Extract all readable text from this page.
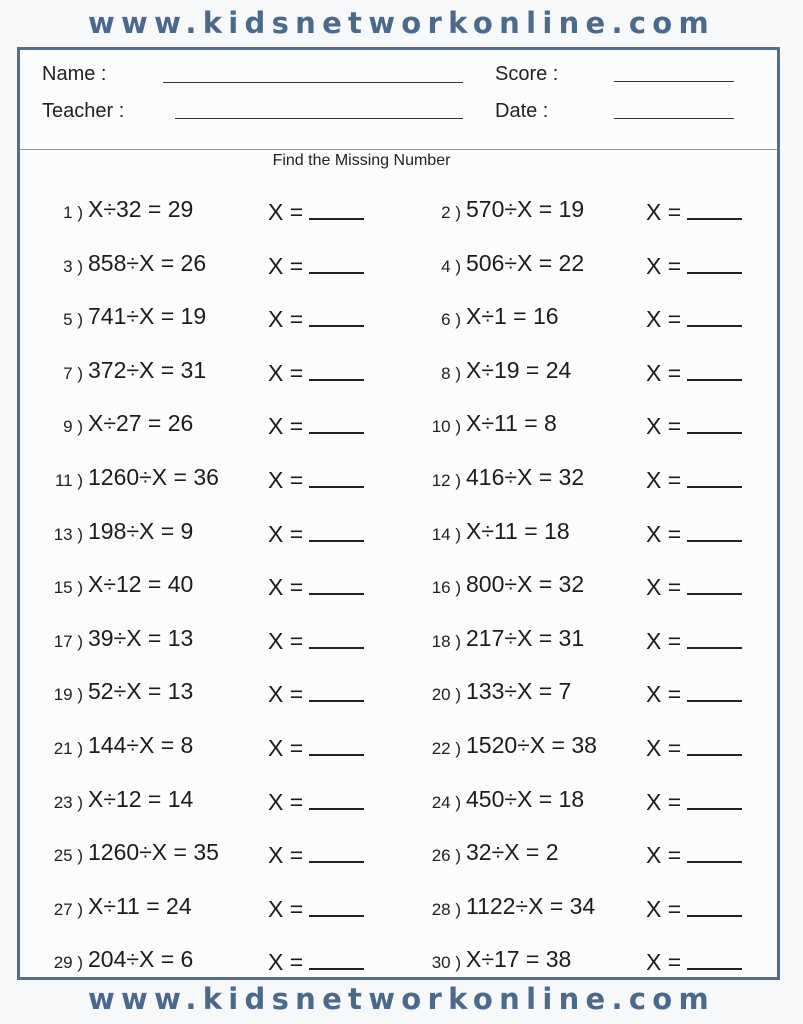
www.kidsnetworkonline.com
Name :
Teacher :
Score :
Date :
Find the Missing Number
1 ) X÷32 = 29	X =	2 ) 570÷X = 19	X =
3 ) 858÷X = 26	X =	4 ) 506÷X = 22	X =
5 ) 741÷X = 19	X =	6 ) X÷1 = 16	X =
7 ) 372÷X = 31	X =	8 ) X÷19 = 24	X =
9 ) X÷27 = 26	X =	10 ) X÷11 = 8	X =
11 ) 1260÷X = 36 X =	12 ) 416÷X = 32	X =
13 ) 198÷X = 9	X =	14 ) X÷11 = 18	X =
15 ) X÷12 = 40	X =	16 ) 800÷X = 32	X =
17 ) 39÷X = 13	X =	18 ) 217÷X = 31	X =
19 ) 52÷X = 13	X =	20 ) 133÷X = 7	X =
21 ) 144÷X = 8	X =	22 ) 1520÷X = 38 X =
23 ) X÷12 = 14	X =	24 ) 450÷X = 18	X =
25 ) 1260÷X = 35 X =	26 ) 32÷X = 2	X =
27 ) X÷11 = 24	X =	28 ) 1122÷X = 34 X =
29 ) 204÷X = 6	X =	30 ) X÷17 = 38	X =
www.kidsnetworkonline.com
